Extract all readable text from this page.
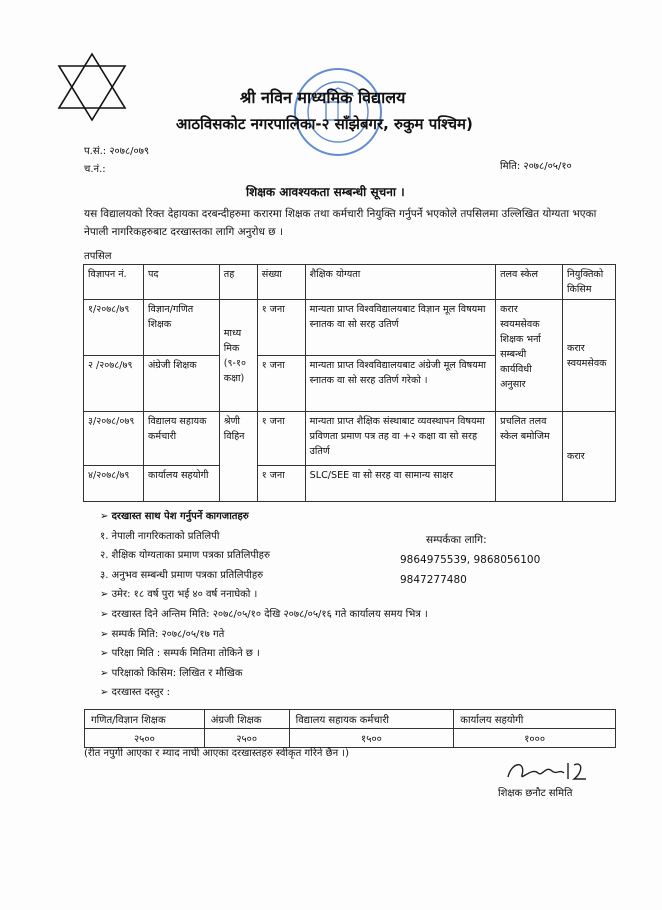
श्री नविन माध्यमिक विद्यालय
आठविसकोट नगरपालिका-२ साँझेबगर, रुकुम पश्चिम)
प.सं.: २०७८/०७९
च.नं.:	मिति: २०७८/०५/१०
शिक्षक आवश्यकता सम्बन्धी सूचना ।
यस विद्यालयको रिक्त देहायका दरबन्दीहरुमा करारमा शिक्षक तथा कर्मचारी नियुक्ति गर्नुपर्ने भएकोले तपसिलमा उल्लिखित योग्यता भएका नेपाली नागरिकहरुबाट दरखास्तका लागि अनुरोध छ ।
तपसिल
विज्ञापन नं.	पद	तह	संख्या	शैक्षिक योग्यता	तलव स्केल	नियुक्तिको किसिम
१/२०७८/७९	विज्ञान/गणित शिक्षक	माध्य मिक (९-१० कक्षा)	१ जना	मान्यता प्राप्त विश्वविद्यालयबाट विज्ञान मूल विषयमा स्नातक वा सो सरह उतिर्ण	करार स्वयमसेवक शिक्षक भर्ना सम्बन्धी कार्यविधी अनुसार	करार स्वयमसेवक
२ /२०७८/७९	अंग्रेजी शिक्षक		१ जना	मान्यता प्राप्त विश्वविद्यालयबाट अंग्रेजी मूल विषयमा स्नातक वा सो सरह उतिर्ण गरेको ।		
३/२०७८/०७९	विद्यालय सहायक कर्मचारी	श्रेणी विहिन	१ जना	मान्यता प्राप्त शैक्षिक संस्थाबाट व्यवस्थापन विषयमा प्रविणता प्रमाण पत्र तह वा +२ कक्षा वा सो सरह उतिर्ण	प्रचलित तलव स्केल बमोजिम	करार
४/२०७८/७९	कार्यालय सहयोगी		१ जना	SLC/SEE वा सो सरह वा सामान्य साक्षर		
➢ दरखास्त साथ पेश गर्नुपर्ने कागजातहरु
१. नेपाली नागरिकताको प्रतिलिपी
२. शैक्षिक योग्यताका प्रमाण पत्रका प्रतिलिपीहरु
३. अनुभव सम्बन्धी प्रमाण पत्रका प्रतिलिपीहरु
➢ उमेर: १८ वर्ष पुरा भई ४० वर्ष ननाघेको ।
➢ दरखास्त दिने अन्तिम मिति: २०७८/०५/१० देखि २०७८/०५/१६ गते कार्यालय समय भित्र ।
➢ सम्पर्क मिति: २०७८/०५/१७ गते
➢ परिक्षा मिति : सम्पर्क मितिमा तोकिने छ ।
➢ परिक्षाको किसिम: लिखित र मौखिक
➢ दरखास्त दस्तुर :
सम्पर्कका लागि:
9864975539, 9868056100
9847277480
गणित/विज्ञान शिक्षक	अंग्रजी शिक्षक	विद्यालय सहायक कर्मचारी	कार्यालय सहयोगी
२५००	२५००	१५००	१०००
(रीत नपुगी आएका र म्याद नाघी आएका दरखास्तहरु स्वीकृत गरिने छैन ।)
शिक्षक छनौट समिति
